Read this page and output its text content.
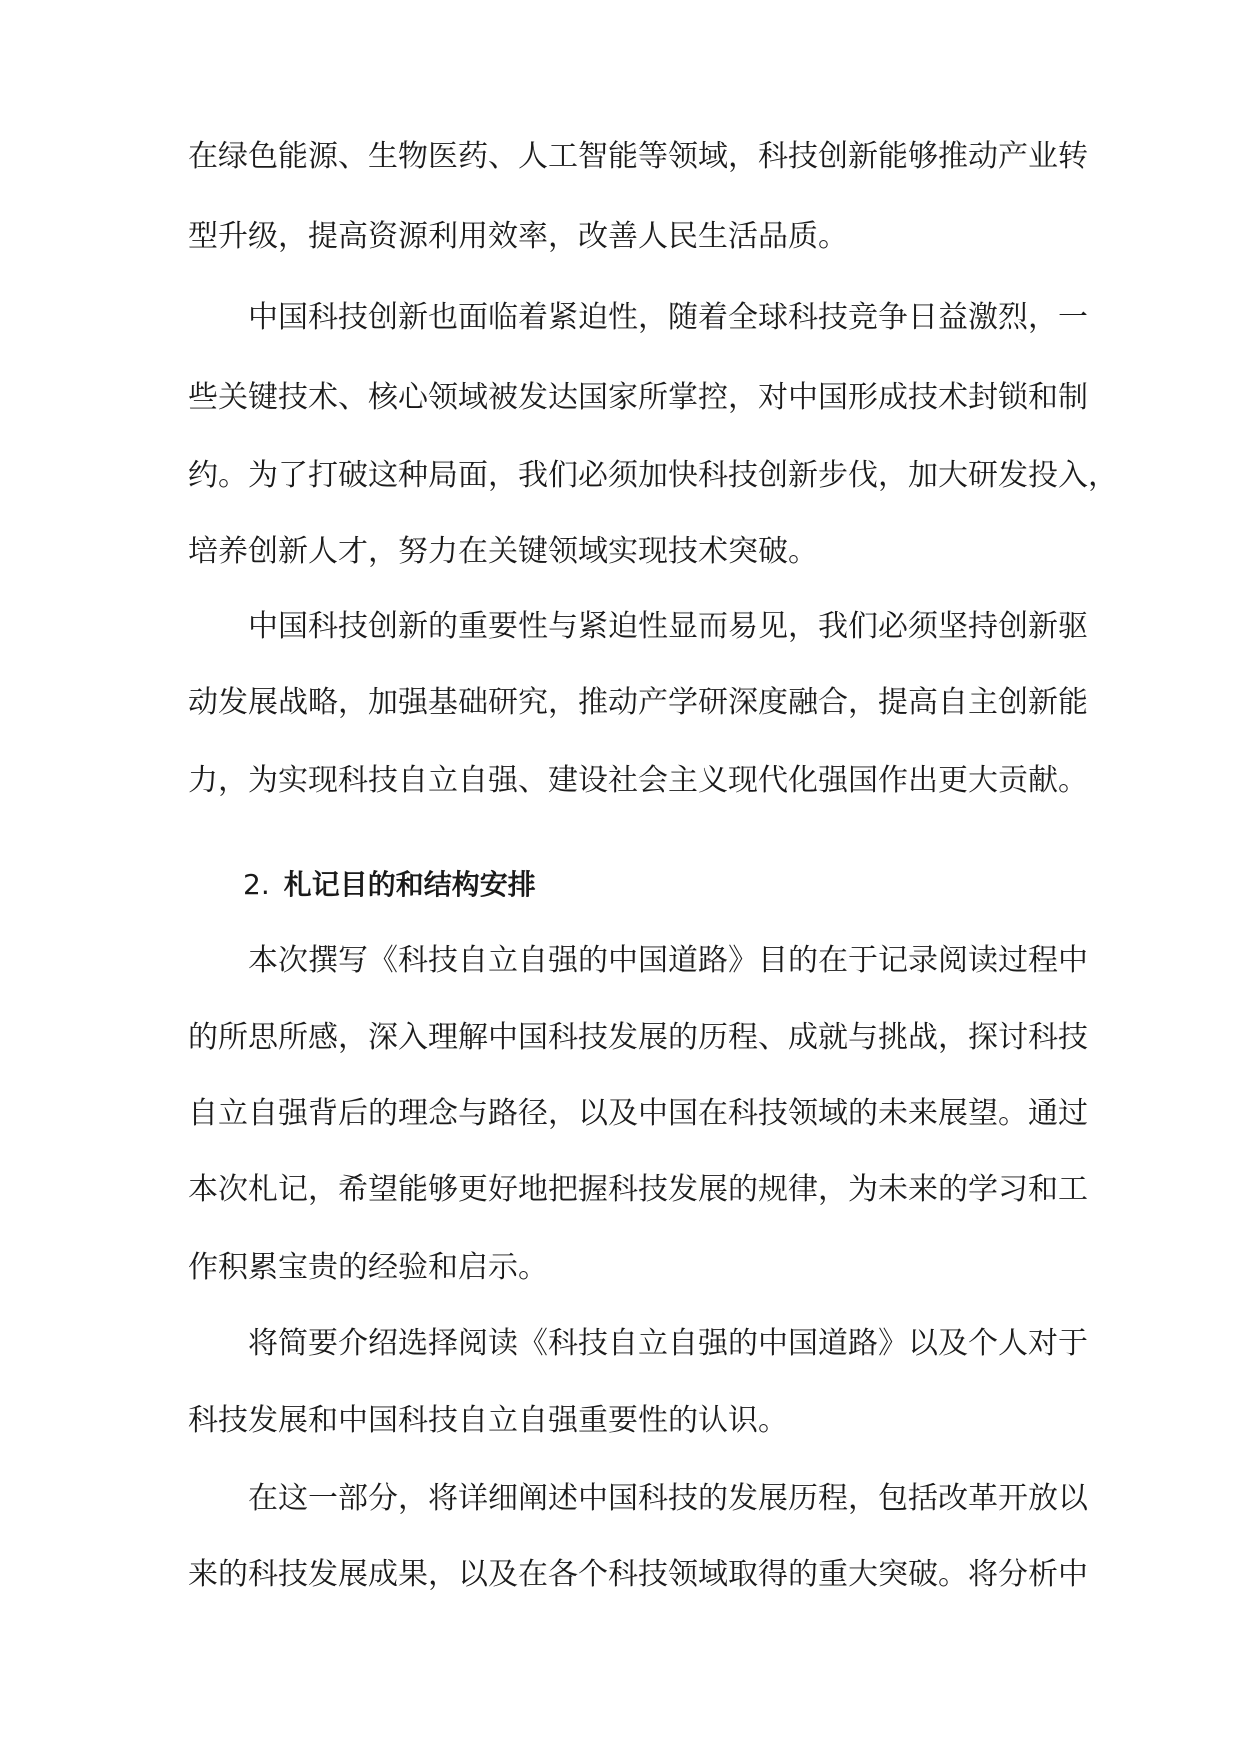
在绿色能源、生物医药、人工智能等领域，科技创新能够推动产业转
型升级，提高资源利用效率，改善人民生活品质。
中国科技创新也面临着紧迫性，随着全球科技竞争日益激烈，一
些关键技术、核心领域被发达国家所掌控，对中国形成技术封锁和制
约。为了打破这种局面，我们必须加快科技创新步伐，加大研发投入，
培养创新人才，努力在关键领域实现技术突破。
中国科技创新的重要性与紧迫性显而易见，我们必须坚持创新驱
动发展战略，加强基础研究，推动产学研深度融合，提高自主创新能
力，为实现科技自立自强、建设社会主义现代化强国作出更大贡献。
2. 札记目的和结构安排
本次撰写《科技自立自强的中国道路》目的在于记录阅读过程中
的所思所感，深入理解中国科技发展的历程、成就与挑战，探讨科技
自立自强背后的理念与路径，以及中国在科技领域的未来展望。通过
本次札记，希望能够更好地把握科技发展的规律，为未来的学习和工
作积累宝贵的经验和启示。
将简要介绍选择阅读《科技自立自强的中国道路》以及个人对于
科技发展和中国科技自立自强重要性的认识。
在这一部分，将详细阐述中国科技的发展历程，包括改革开放以
来的科技发展成果，以及在各个科技领域取得的重大突破。将分析中
